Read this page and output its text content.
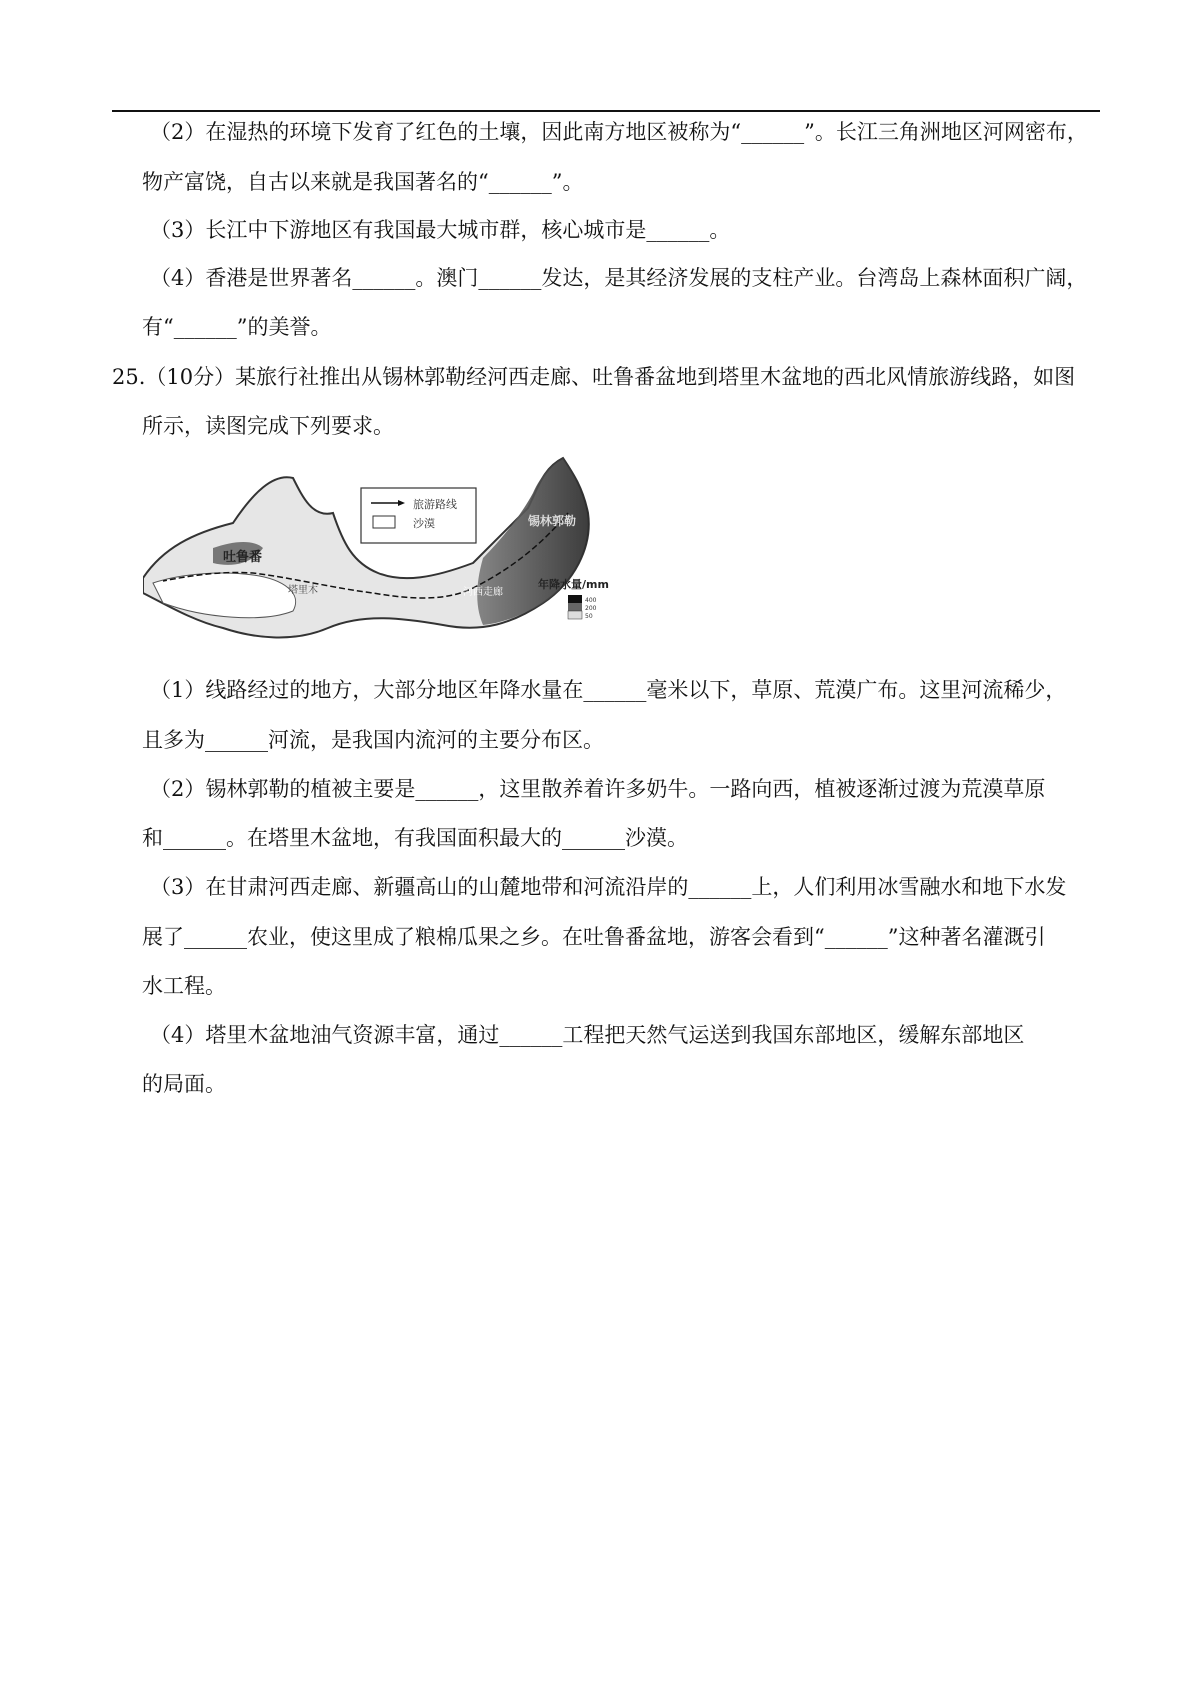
（2）在湿热的环境下发育了红色的土壤，因此南方地区被称为“______”。长江三角洲地区河网密布，
物产富饶，自古以来就是我国著名的“______”。
（3）长江中下游地区有我国最大城市群，核心城市是______。
（4）香港是世界著名______。澳门______发达，是其经济发展的支柱产业。台湾岛上森林面积广阔，
有“______”的美誉。
25.（10分）某旅行社推出从锡林郭勒经河西走廊、吐鲁番盆地到塔里木盆地的西北风情旅游线路，如图
所示，读图完成下列要求。
旅游路线
沙漠	锡林郭勒
吐鲁番
塔里木	河西走廊
年降水量/mm
400
200
50
（1）线路经过的地方，大部分地区年降水量在______毫米以下，草原、荒漠广布。这里河流稀少，
且多为______河流，是我国内流河的主要分布区。
（2）锡林郭勒的植被主要是______，这里散养着许多奶牛。一路向西，植被逐渐过渡为荒漠草原
和______。在塔里木盆地，有我国面积最大的______沙漠。
（3）在甘肃河西走廊、新疆高山的山麓地带和河流沿岸的______上，人们利用冰雪融水和地下水发
展了______农业，使这里成了粮棉瓜果之乡。在吐鲁番盆地，游客会看到“______”这种著名灌溉引
水工程。
（4）塔里木盆地油气资源丰富，通过______工程把天然气运送到我国东部地区，缓解东部地区
的局面。
